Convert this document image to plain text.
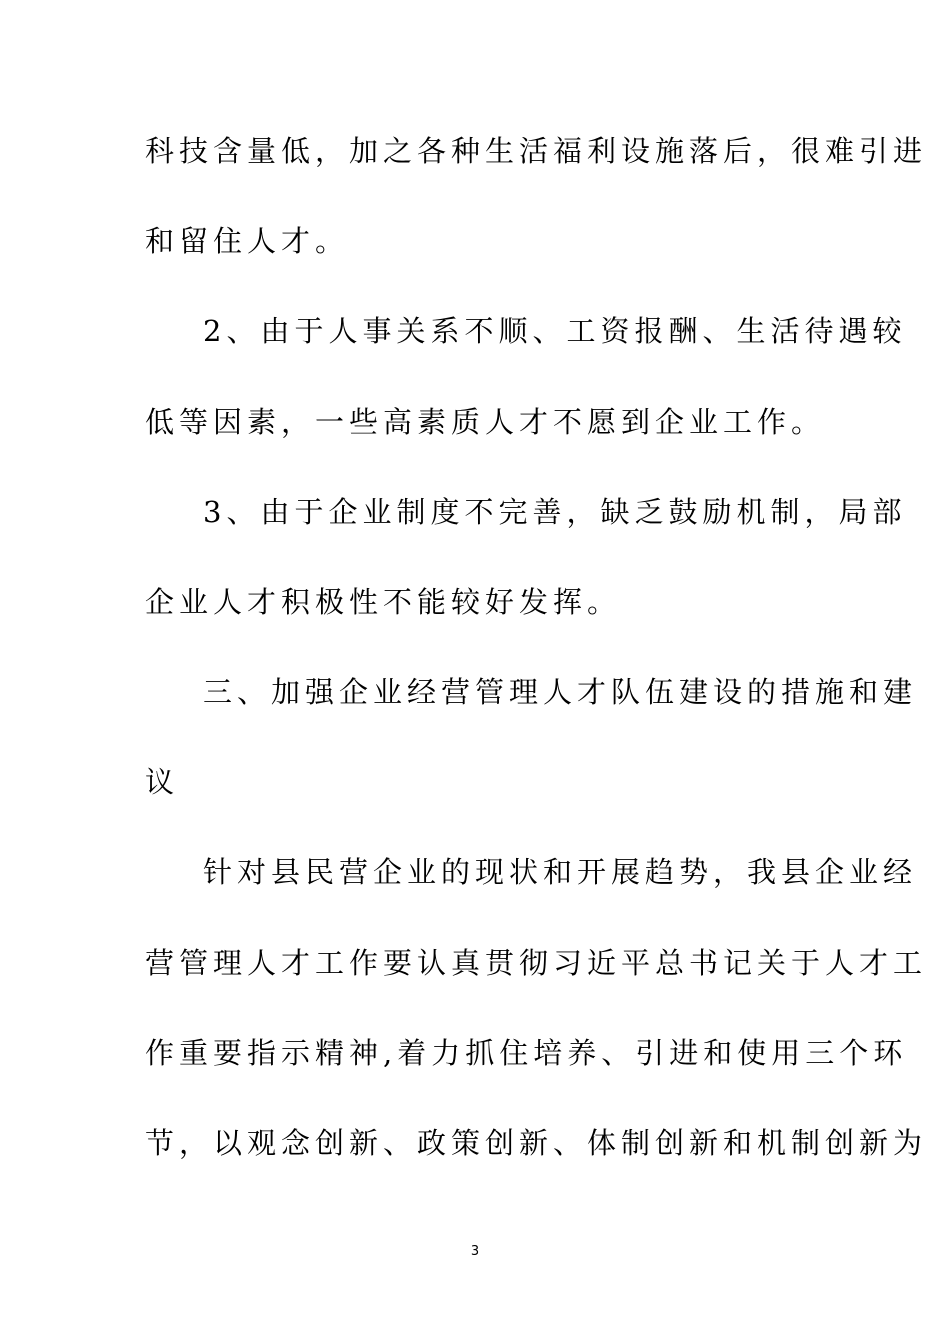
科技含量低，加之各种生活福利设施落后，很难引进
和留住人才。
2、由于人事关系不顺、工资报酬、生活待遇较
低等因素，一些高素质人才不愿到企业工作。
3、由于企业制度不完善，缺乏鼓励机制，局部
企业人才积极性不能较好发挥。
三、加强企业经营管理人才队伍建设的措施和建
议
针对县民营企业的现状和开展趋势，我县企业经
营管理人才工作要认真贯彻习近平总书记关于人才工
作重要指示精神,着力抓住培养、引进和使用三个环
节，以观念创新、政策创新、体制创新和机制创新为
3
